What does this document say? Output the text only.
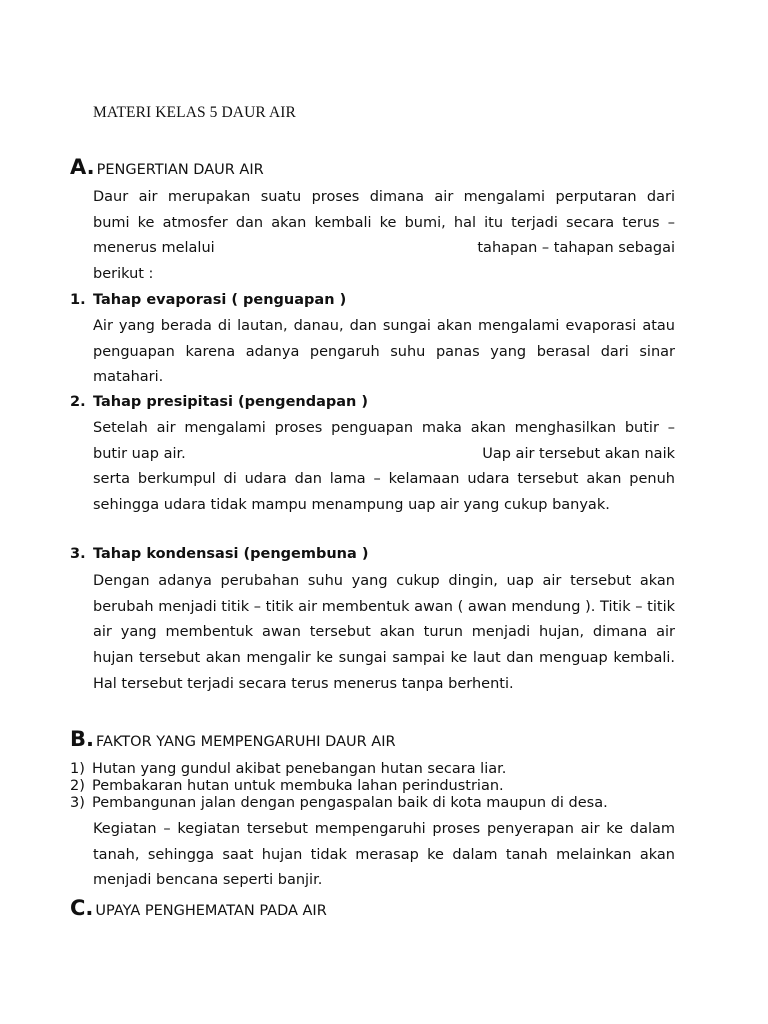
MATERI KELAS 5 DAUR AIR
A. PENGERTIAN DAUR AIR
Daur air merupakan suatu proses dimana air mengalami perputaran dari
bumi ke atmosfer dan akan kembali ke bumi, hal itu terjadi secara terus –
menerus melalui	tahapan – tahapan sebagai
berikut :
1. Tahap evaporasi ( penguapan )

Air yang berada di lautan, danau, dan sungai akan mengalami evaporasi atau penguapan karena adanya pengaruh suhu panas yang berasal dari sinar matahari.

2. Tahap presipitasi (pengendapan )
Setelah air mengalami proses penguapan maka akan menghasilkan butir –
butir uap air.	Uap air tersebut akan naik
serta berkumpul di udara dan lama – kelamaan udara tersebut akan penuh sehingga udara tidak mampu menampung uap air yang cukup banyak.
3. Tahap kondensasi (pengembuna )

Dengan adanya perubahan suhu yang cukup dingin, uap air tersebut akan berubah menjadi titik – titik air membentuk awan ( awan mendung ). Titik – titik air yang membentuk awan tersebut akan turun menjadi hujan, dimana air hujan tersebut akan mengalir ke sungai sampai ke laut dan menguap kembali. Hal tersebut terjadi secara terus menerus tanpa berhenti.

B. FAKTOR YANG MEMPENGARUHI DAUR AIR
1) Hutan yang gundul akibat penebangan hutan secara liar.
2) Pembakaran hutan untuk membuka lahan perindustrian.
3) Pembangunan jalan dengan pengaspalan baik di kota maupun di desa.

Kegiatan – kegiatan tersebut mempengaruhi proses penyerapan air ke dalam tanah, sehingga saat hujan tidak merasap ke dalam tanah melainkan akan menjadi bencana seperti banjir.

C. UPAYA PENGHEMATAN PADA AIR
